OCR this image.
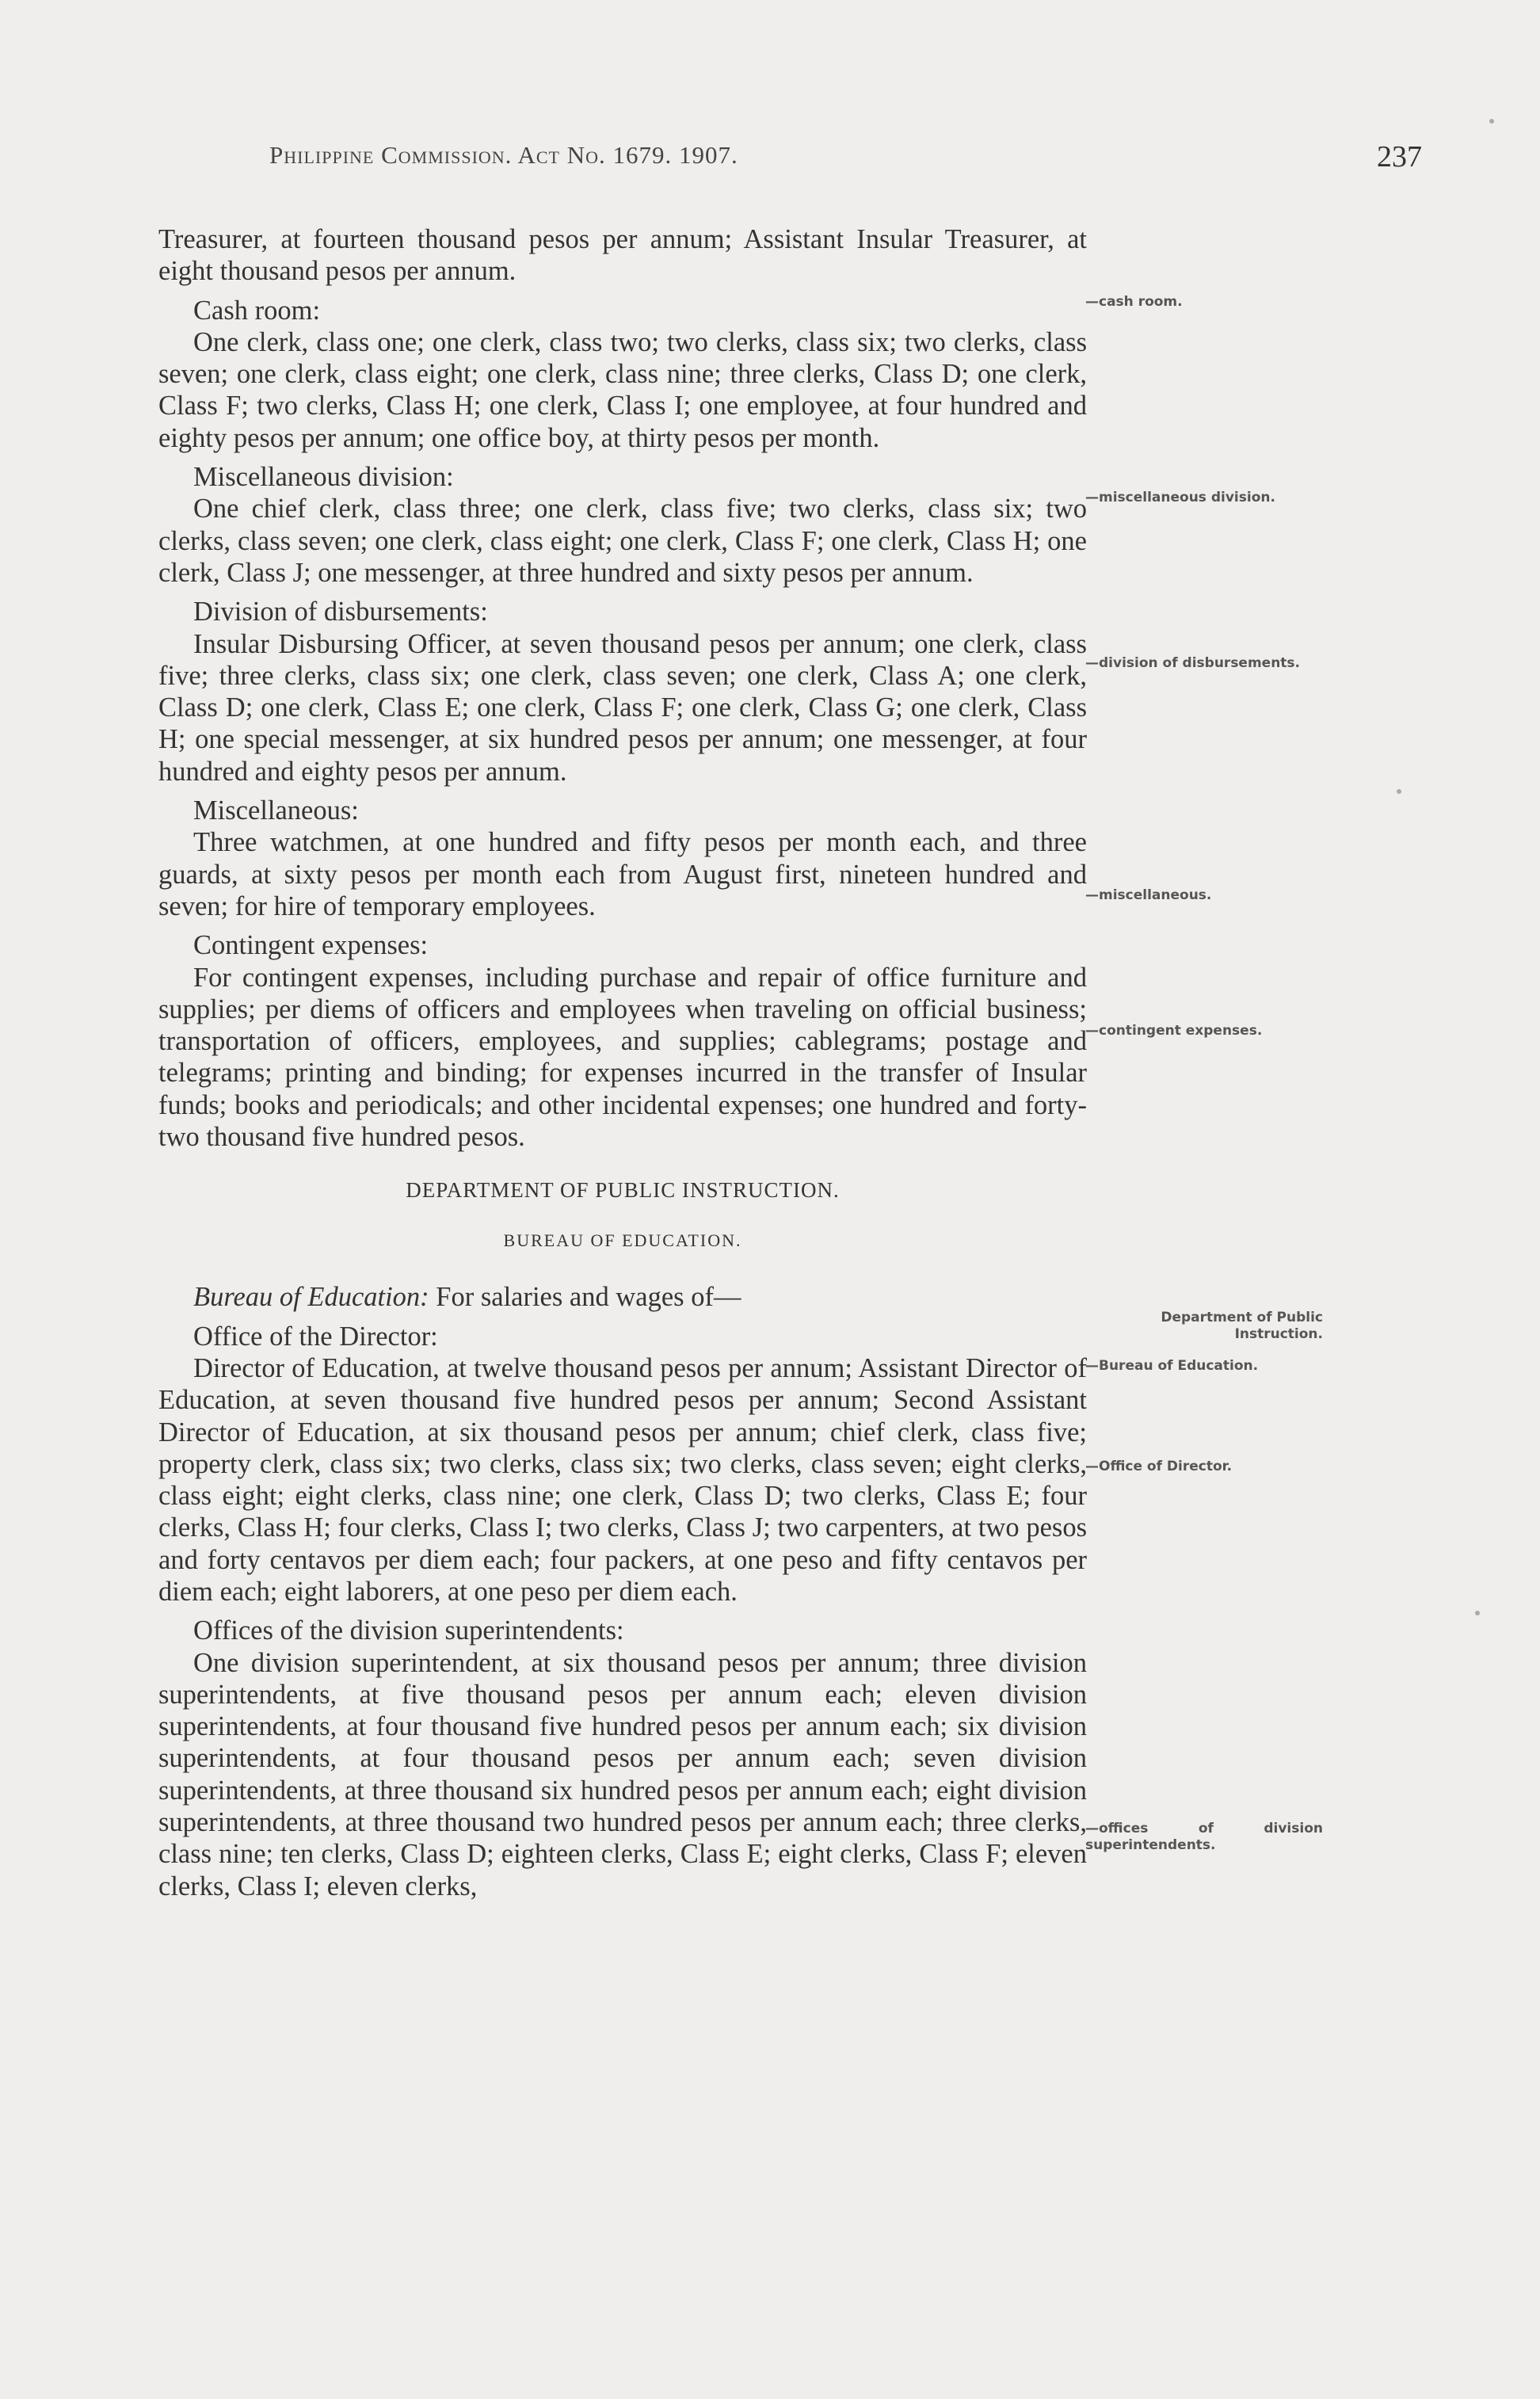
Philippine Commission. Act No. 1679. 1907.	237

Treasurer, at fourteen thousand pesos per annum; Assistant Insular Treasurer, at eight thousand pesos per annum.

Cash room:

One clerk, class one; one clerk, class two; two clerks, class six; two clerks, class seven; one clerk, class eight; one clerk, class nine; three clerks, Class D; one clerk, Class F; two clerks, Class H; one clerk, Class I; one employee, at four hundred and eighty pesos per annum; one office boy, at thirty pesos per month.

Miscellaneous division:

One chief clerk, class three; one clerk, class five; two clerks, class six; two clerks, class seven; one clerk, class eight; one clerk, Class F; one clerk, Class H; one clerk, Class J; one messenger, at three hundred and sixty pesos per annum.

Division of disbursements:

Insular Disbursing Officer, at seven thousand pesos per annum; one clerk, class five; three clerks, class six; one clerk, class seven; one clerk, Class A; one clerk, Class D; one clerk, Class E; one clerk, Class F; one clerk, Class G; one clerk, Class H; one special messenger, at six hundred pesos per annum; one messenger, at four hundred and eighty pesos per annum.

Miscellaneous:

Three watchmen, at one hundred and fifty pesos per month each, and three guards, at sixty pesos per month each from August first, nineteen hundred and seven; for hire of temporary employees.

Contingent expenses:

For contingent expenses, including purchase and repair of office furniture and supplies; per diems of officers and employees when traveling on official business; transportation of officers, employees, and supplies; cablegrams; postage and telegrams; printing and binding; for expenses incurred in the transfer of Insular funds; books and periodicals; and other incidental expenses; one hundred and forty-two thousand five hundred pesos.

DEPARTMENT OF PUBLIC INSTRUCTION.

BUREAU OF EDUCATION.

Bureau of Education: For salaries and wages of—

Office of the Director:

Director of Education, at twelve thousand pesos per annum; Assistant Director of Education, at seven thousand five hundred pesos per annum; Second Assistant Director of Education, at six thousand pesos per annum; chief clerk, class five; property clerk, class six; two clerks, class six; two clerks, class seven; eight clerks, class eight; eight clerks, class nine; one clerk, Class D; two clerks, Class E; four clerks, Class H; four clerks, Class I; two clerks, Class J; two carpenters, at two pesos and forty centavos per diem each; four packers, at one peso and fifty centavos per diem each; eight laborers, at one peso per diem each.

Offices of the division superintendents:

One division superintendent, at six thousand pesos per annum; three division superintendents, at five thousand pesos per annum each; eleven division superintendents, at four thousand five hundred pesos per annum each; six division superintendents, at four thousand pesos per annum each; seven division superintendents, at three thousand six hundred pesos per annum each; eight division superintendents, at three thousand two hundred pesos per annum each; three clerks, class nine; ten clerks, Class D; eighteen clerks, Class E; eight clerks, Class F; eleven clerks, Class I; eleven clerks,

—cash room.
—miscellaneous division.
—division of disbursements.
—miscellaneous.
—contingent expenses.
Department of Public Instruction.
—Bureau of Education.
—Office of Director.
—offices of division superintendents.
